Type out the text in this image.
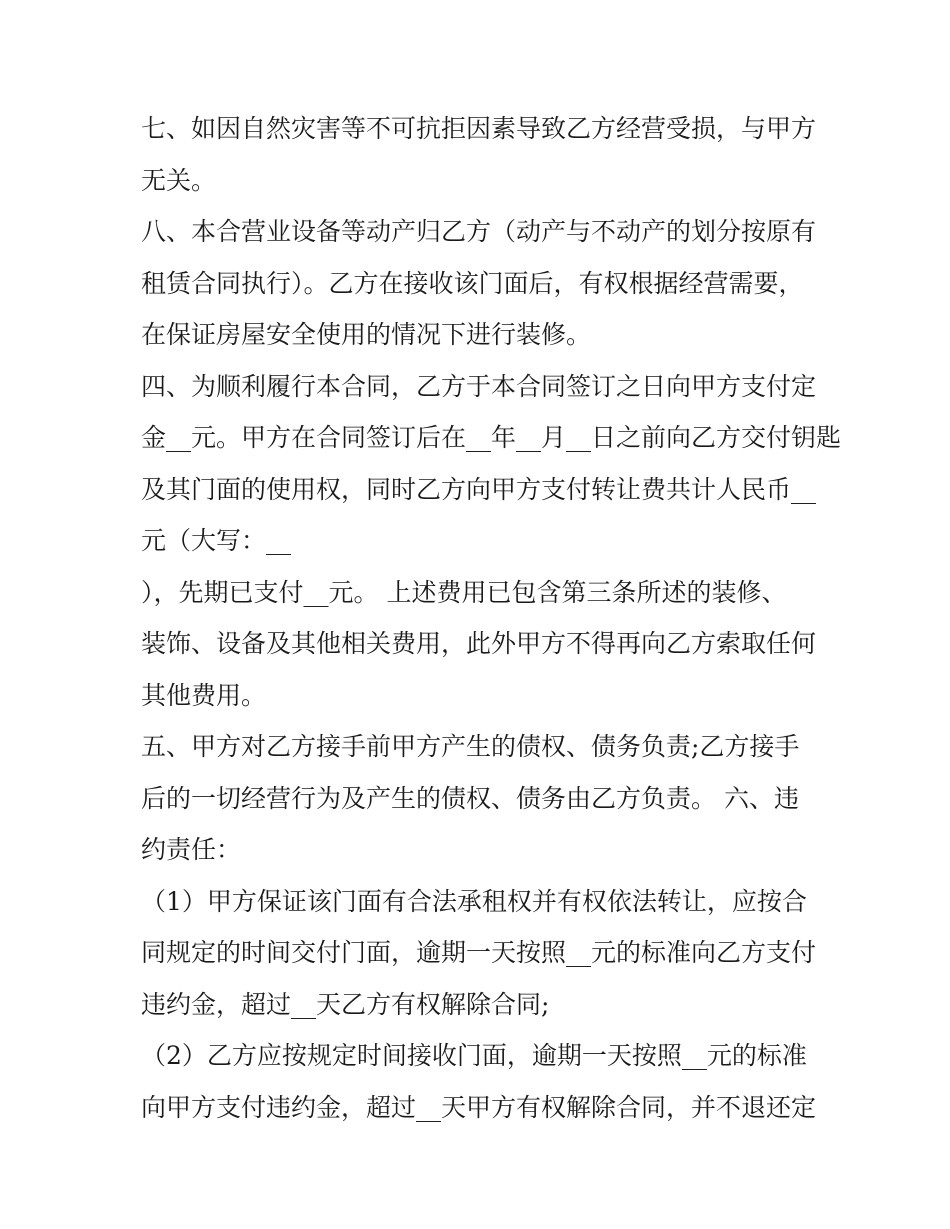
七、如因自然灾害等不可抗拒因素导致乙方经营受损，与甲方
无关。
八、本合营业设备等动产归乙方（动产与不动产的划分按原有
租赁合同执行）。乙方在接收该门面后，有权根据经营需要，
在保证房屋安全使用的情况下进行装修。
四、为顺利履行本合同，乙方于本合同签订之日向甲方支付定
金__元。甲方在合同签订后在__年__月__日之前向乙方交付钥匙
及其门面的使用权，同时乙方向甲方支付转让费共计人民币__
元（大写：__
），先期已支付__元。 上述费用已包含第三条所述的装修、
装饰、设备及其他相关费用，此外甲方不得再向乙方索取任何
其他费用。
五、甲方对乙方接手前甲方产生的债权、债务负责;乙方接手
后的一切经营行为及产生的债权、债务由乙方负责。 六、违
约责任：
（1）甲方保证该门面有合法承租权并有权依法转让，应按合
同规定的时间交付门面，逾期一天按照__元的标准向乙方支付
违约金，超过__天乙方有权解除合同;
（2）乙方应按规定时间接收门面，逾期一天按照__元的标准
向甲方支付违约金，超过__天甲方有权解除合同，并不退还定
